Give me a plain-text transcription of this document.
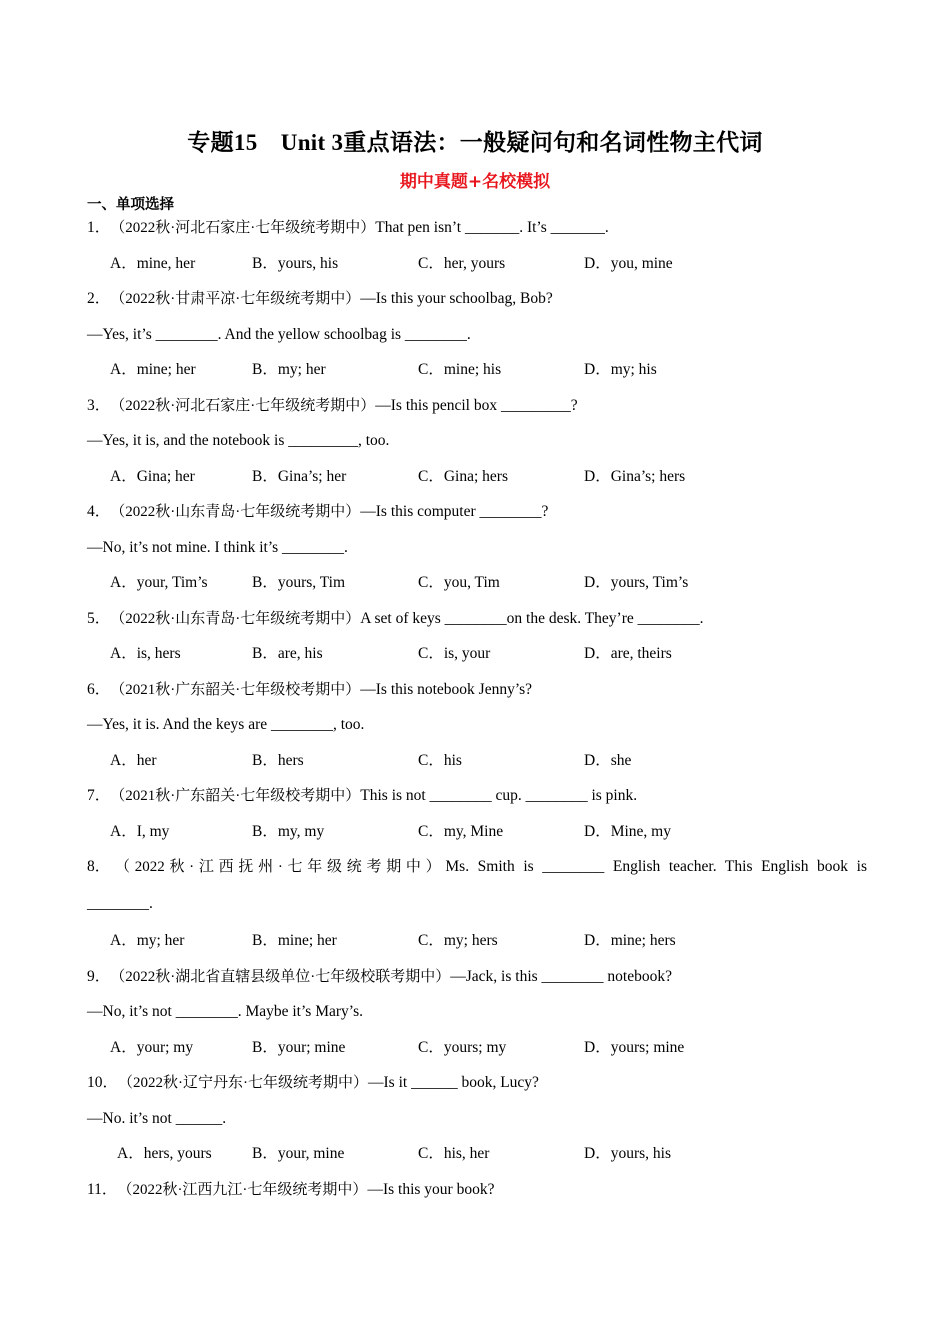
专题15　Unit 3重点语法：一般疑问句和名词性物主代词
期中真题+名校模拟
一、单项选择
1．（2022秋·河北石家庄·七年级统考期中）That pen isn’t _______. It’s _______.
A．mine, her	B．yours, his	C．her, yours	D．you, mine
2．（2022秋·甘肃平凉·七年级统考期中）—Is this your schoolbag, Bob?
—Yes, it’s ________. And the yellow schoolbag is ________.
A．mine; her	B．my; her	C．mine; his	D．my; his
3．（2022秋·河北石家庄·七年级统考期中）—Is this pencil box _________?
—Yes, it is, and the notebook is _________, too.
A．Gina; her	B．Gina’s; her	C．Gina; hers	D．Gina’s; hers
4．（2022秋·山东青岛·七年级统考期中）—Is this computer ________?
—No, it’s not mine. I think it’s ________.
A．your, Tim’s	B．yours, Tim	C．you, Tim	D．yours, Tim’s
5．（2022秋·山东青岛·七年级统考期中）A set of keys ________on the desk. They’re ________.
A．is, hers	B．are, his	C．is, your	D．are, theirs
6．（2021秋·广东韶关·七年级校考期中）—Is this notebook Jenny’s?
—Yes, it is. And the keys are ________, too.
A．her	B．hers	C．his	D．she
7．（2021秋·广东韶关·七年级校考期中）This is not ________ cup. ________ is pink.
A．I, my	B．my, my	C．my, Mine	D．Mine, my
8．（2022秋·江西抚州·七年级统考期中）Ms. Smith is ________ English teacher. This English book is
________.
A．my; her	B．mine; her	C．my; hers	D．mine; hers
9．（2022秋·湖北省直辖县级单位·七年级校联考期中）—Jack, is this ________ notebook?
—No, it’s not ________. Maybe it’s Mary’s.
A．your; my	B．your; mine	C．yours; my	D．yours; mine
10．（2022秋·辽宁丹东·七年级统考期中）—Is it ______ book, Lucy?
—No. it’s not ______.
A．hers, yours	B．your, mine	C．his, her	D．yours, his
11．（2022秋·江西九江·七年级统考期中）—Is this your book?
